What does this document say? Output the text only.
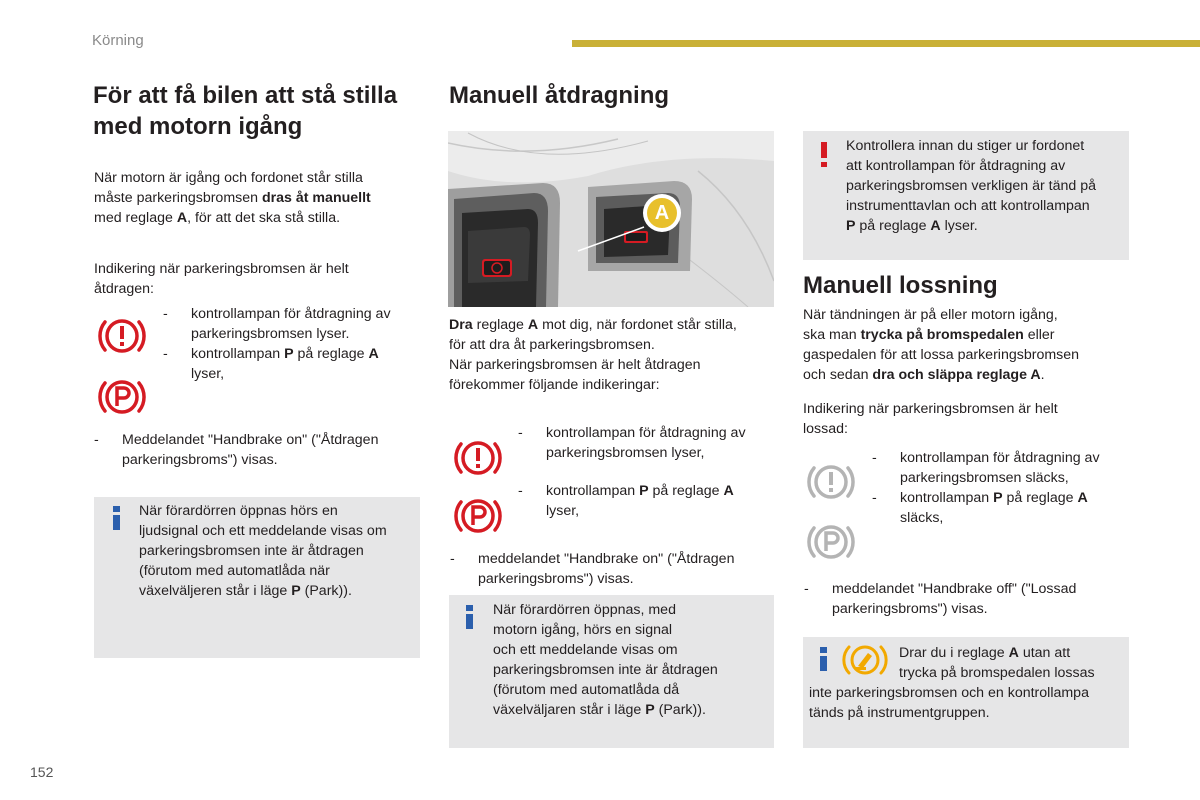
Körning
För att få bilen att stå stilla
med motorn igång
När motorn är igång och fordonet står stilla
måste parkeringsbromsen dras åt manuellt
med reglage A, för att det ska stå stilla.
Indikering när parkeringsbromsen är helt
åtdragen:
- kontrollampan för åtdragning av
parkeringsbromsen lyser.
- kontrollampan P på reglage A
lyser,
- Meddelandet "Handbrake on" ("Åtdragen
parkeringsbroms") visas.
När förardörren öppnas hörs en
ljudsignal och ett meddelande visas om
parkeringsbromsen inte är åtdragen
(förutom med automatlåda när
växelväljeren står i läge P (Park)).
Manuell åtdragning
A
Dra reglage A mot dig, när fordonet står stilla,
för att dra åt parkeringsbromsen.
När parkeringsbromsen är helt åtdragen
förekommer följande indikeringar:
- kontrollampan för åtdragning av
parkeringsbromsen lyser,
- kontrollampan P på reglage A
lyser,
- meddelandet "Handbrake on" ("Åtdragen
parkeringsbroms") visas.
När förardörren öppnas, med
motorn igång, hörs en signal
och ett meddelande visas om
parkeringsbromsen inte är åtdragen
(förutom med automatlåda då
växelväljaren står i läge P (Park)).
Kontrollera innan du stiger ur fordonet
att kontrollampan för åtdragning av
parkeringsbromsen verkligen är tänd på
instrumenttavlan och att kontrollampan
P på reglage A lyser.
Manuell lossning
När tändningen är på eller motorn igång,
ska man trycka på bromspedalen eller
gaspedalen för att lossa parkeringsbromsen
och sedan dra och släppa reglage A.
Indikering när parkeringsbromsen är helt
lossad:
- kontrollampan för åtdragning av
parkeringsbromsen släcks,
- kontrollampan P på reglage A
släcks,
- meddelandet "Handbrake off" ("Lossad
parkeringsbroms") visas.
Drar du i reglage A utan att
trycka på bromspedalen lossas
inte parkeringsbromsen och en kontrollampa
tänds på instrumentgruppen.
152
